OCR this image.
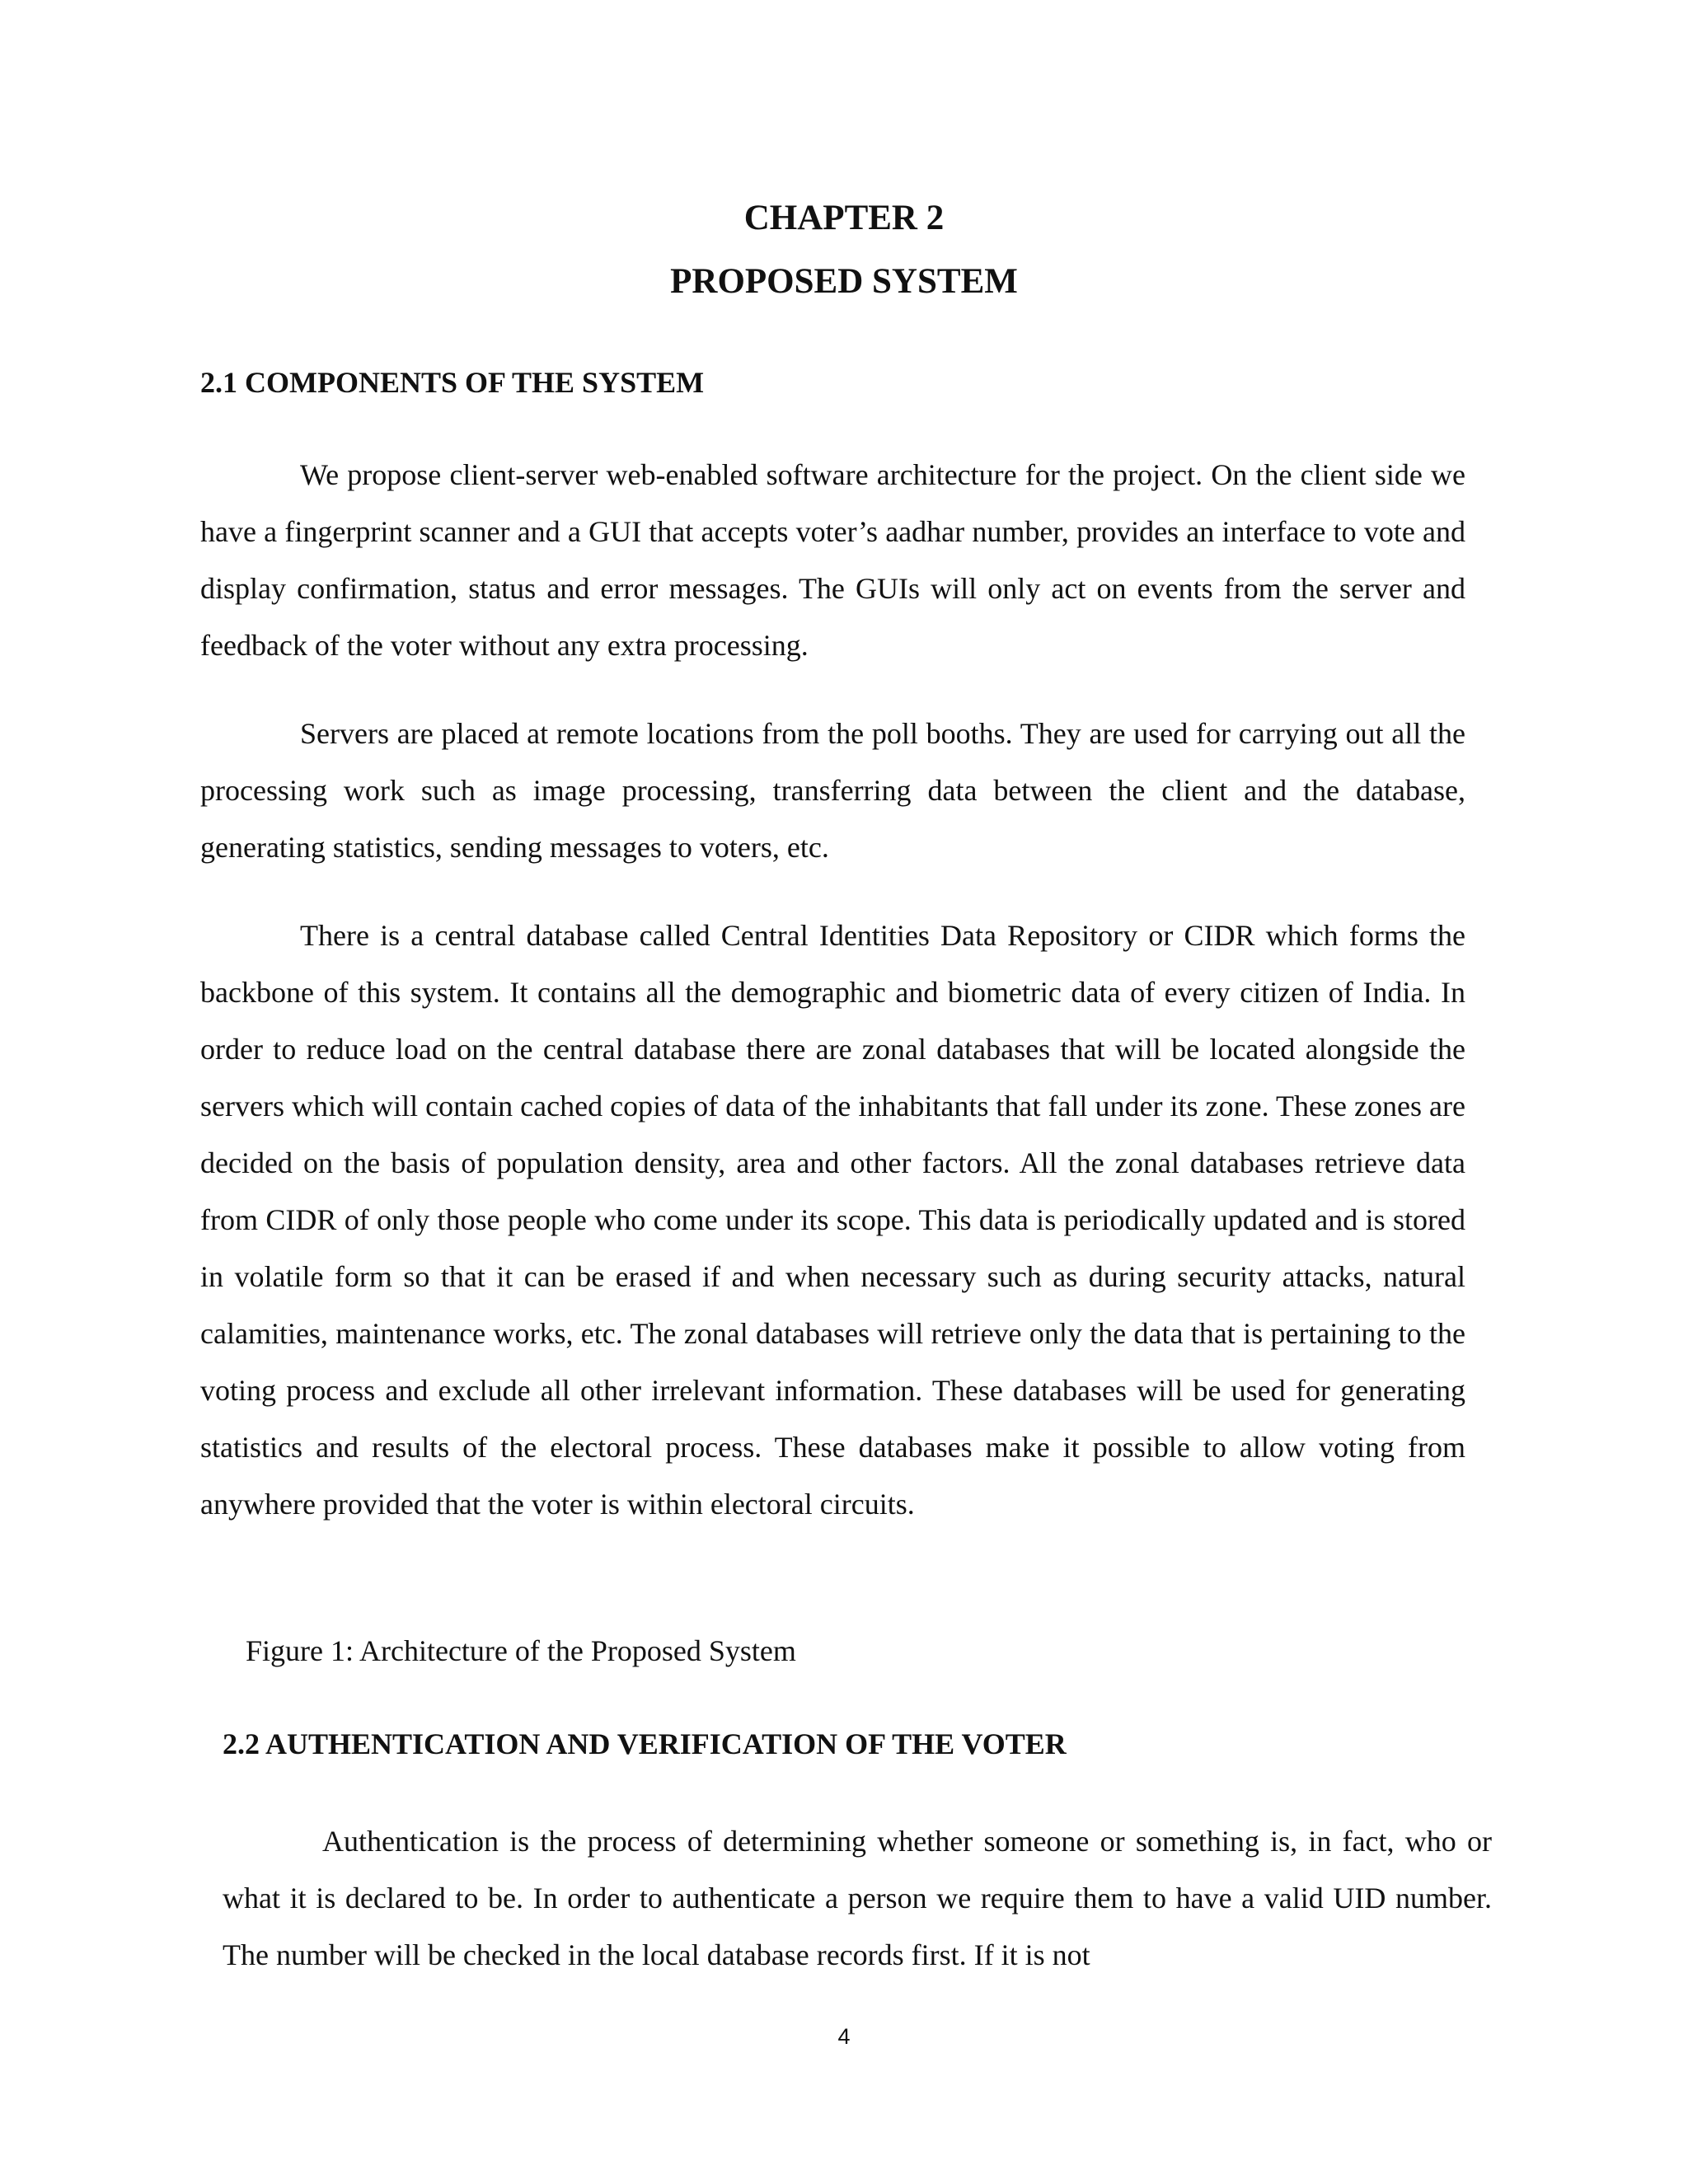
CHAPTER 2
PROPOSED SYSTEM
2.1 COMPONENTS OF THE SYSTEM

We propose client-server web-enabled software architecture for the project. On the client side we have a fingerprint scanner and a GUI that accepts voter’s aadhar number, provides an interface to vote and display confirmation, status and error messages. The GUIs will only act on events from the server and feedback of the voter without any extra processing.

Servers are placed at remote locations from the poll booths. They are used for carrying out all the processing work such as image processing, transferring data between the client and the database, generating statistics, sending messages to voters, etc.

There is a central database called Central Identities Data Repository or CIDR which forms the backbone of this system. It contains all the demographic and biometric data of every citizen of India. In order to reduce load on the central database there are zonal databases that will be located alongside the servers which will contain cached copies of data of the inhabitants that fall under its zone. These zones are decided on the basis of population density, area and other factors. All the zonal databases retrieve data from CIDR of only those people who come under its scope. This data is periodically updated and is stored in volatile form so that it can be erased if and when necessary such as during security attacks, natural calamities, maintenance works, etc. The zonal databases will retrieve only the data that is pertaining to the voting process and exclude all other irrelevant information. These databases will be used for generating statistics and results of the electoral process. These databases make it possible to allow voting from anywhere provided that the voter is within electoral circuits.

Figure 1: Architecture of the Proposed System
2.2 AUTHENTICATION AND VERIFICATION OF THE VOTER

Authentication is the process of determining whether someone or something is, in fact, who or what it is declared to be. In order to authenticate a person we require them to have a valid UID number. The number will be checked in the local database records first. If it is not

4
